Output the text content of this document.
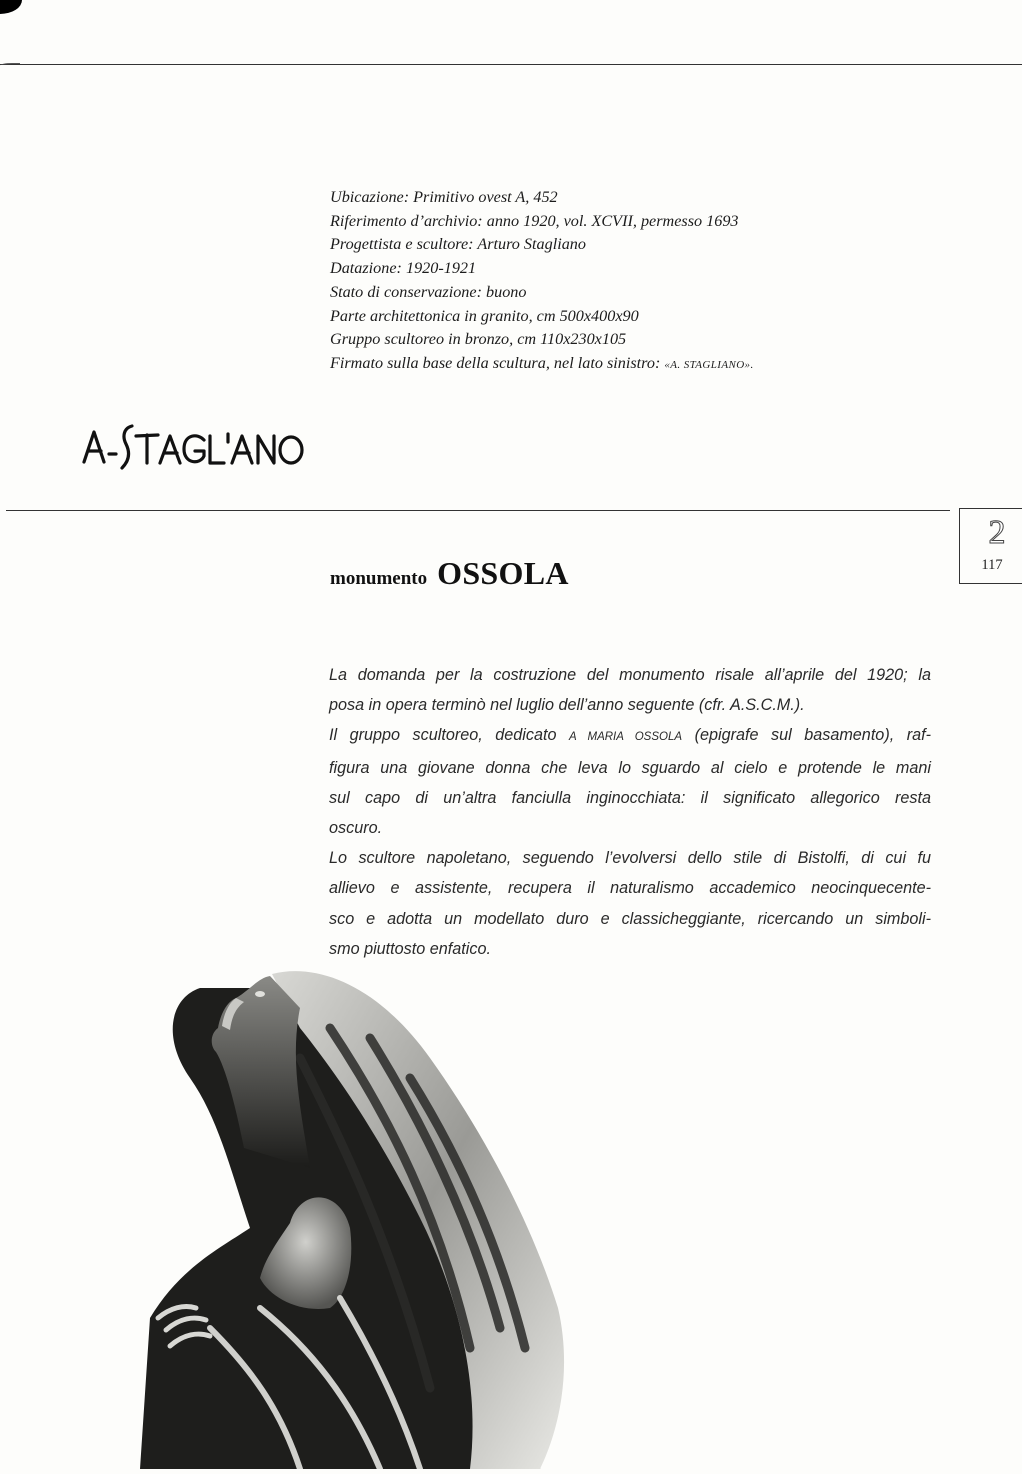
Ubicazione: Primitivo ovest A, 452
Riferimento d’archivio: anno 1920, vol. XCVII, permesso 1693
Progettista e scultore: Arturo Stagliano
Datazione: 1920-1921
Stato di conservazione: buono
Parte architettonica in granito, cm 500x400x90
Gruppo scultoreo in bronzo, cm 110x230x105
Firmato sulla base della scultura, nel lato sinistro: «A. STAGLIANO».
2
117
monumento OSSOLA
La domanda per la costruzione del monumento risale all’aprile del 1920; la
posa in opera terminò nel luglio dell’anno seguente (cfr. A.S.C.M.).
Il gruppo scultoreo, dedicato A MARIA OSSOLA (epigrafe sul basamento), raf-
figura una giovane donna che leva lo sguardo al cielo e protende le mani
sul capo di un’altra fanciulla inginocchiata: il significato allegorico resta
oscuro.
Lo scultore napoletano, seguendo l’evolversi dello stile di Bistolfi, di cui fu
allievo e assistente, recupera il naturalismo accademico neocinquecente-
sco e adotta un modellato duro e classicheggiante, ricercando un simboli-
smo piuttosto enfatico.
